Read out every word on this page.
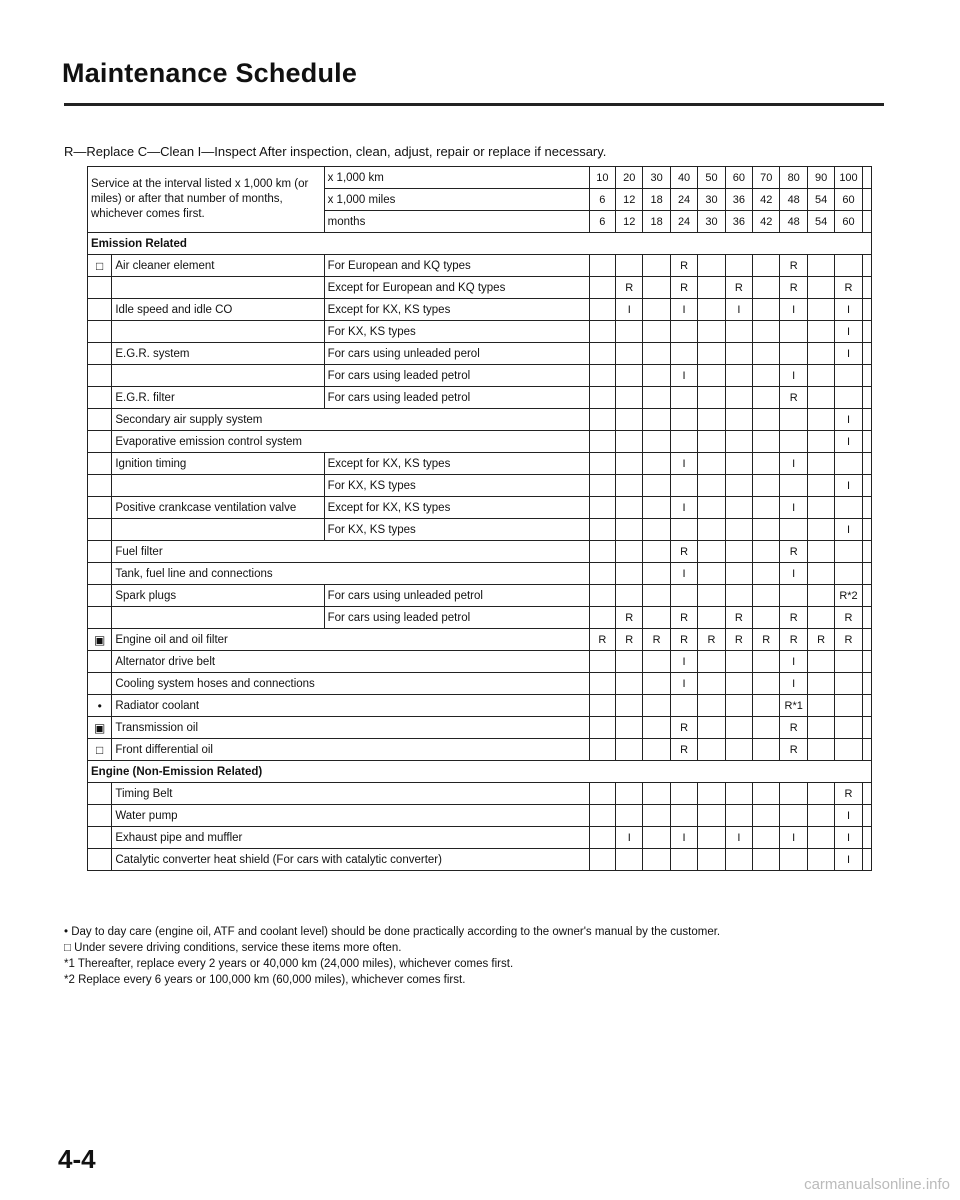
Maintenance Schedule
R—Replace C—Clean I—Inspect After inspection, clean, adjust, repair or replace if necessary.
Service at the interval listed x 1,000 km (or miles) or after that number of months, whichever comes first.		x 1,000 km	10	20	30	40	50	60	70	80	90	100	
		x 1,000 miles	6	12	18	24	30	36	42	48	54	60	
		months	6	12	18	24	30	36	42	48	54	60	
Emission Related													
□	Air cleaner element	For European and KQ types				R				R			
		Except for European and KQ types		R		R		R		R		R	
	Idle speed and idle CO	Except for KX, KS types		I		I		I		I		I	
		For KX, KS types										I	
	E.G.R. system	For cars using unleaded perol										I	
		For cars using leaded petrol				I				I			
	E.G.R. filter	For cars using leaded petrol								R			
	Secondary air supply system											I	
	Evaporative emission control system											I	
	Ignition timing	Except for KX, KS types				I				I			
		For KX, KS types										I	
	Positive crankcase ventilation valve	Except for KX, KS types				I				I			
		For KX, KS types										I	
	Fuel filter					R				R			
	Tank, fuel line and connections					I				I			
	Spark plugs	For cars using unleaded petrol										R*2	
		For cars using leaded petrol		R		R		R		R		R	
▣	Engine oil and oil filter		R	R	R	R	R	R	R	R	R	R	
	Alternator drive belt					I				I			
	Cooling system hoses and connections					I				I			
•	Radiator coolant									R*1			
▣	Transmission oil					R				R			
□	Front differential oil					R				R			
Engine (Non-Emission Related)													
	Timing Belt											R	
	Water pump											I	
	Exhaust pipe and muffler			I		I		I		I		I	
	Catalytic converter heat shield (For cars with catalytic converter)											I	
• Day to day care (engine oil, ATF and coolant level) should be done practically according to the owner's manual by the customer.
□ Under severe driving conditions, service these items more often.
*1 Thereafter, replace every 2 years or 40,000 km (24,000 miles), whichever comes first.
*2 Replace every 6 years or 100,000 km (60,000 miles), whichever comes first.
4-4
carmanualsonline.info
